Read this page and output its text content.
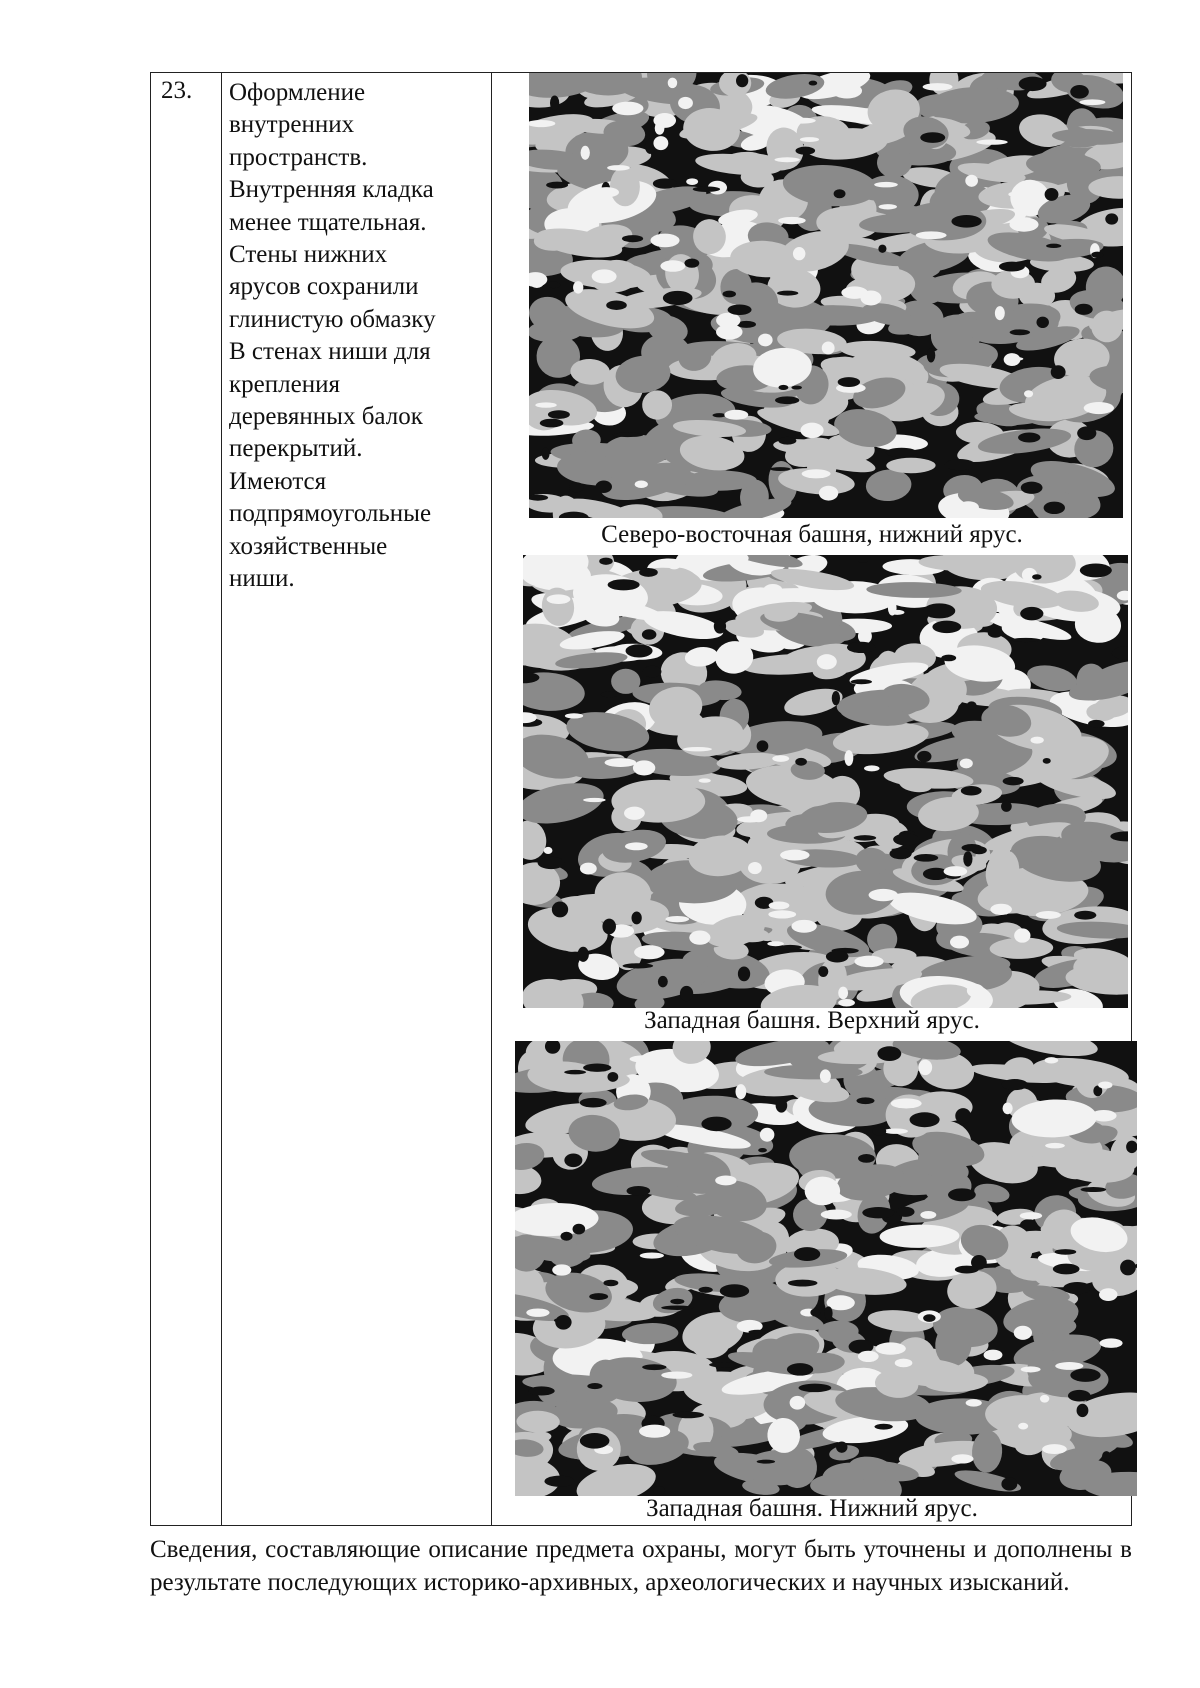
23. Оформление
внутренних
пространств.
Внутренняя кладка
менее тщательная.
Стены нижних
ярусов сохранили
глинистую обмазку
В стенах ниши для
крепления
деревянных балок
перекрытий.
Имеются
подпрямоугольные
хозяйственные
ниши.
Северо-восточная башня, нижний ярус.
Западная башня. Верхний ярус.
Западная башня. Нижний ярус.
Сведения, составляющие описание предмета охраны, могут быть уточнены и дополнены в результате последующих историко-архивных, археологических и научных изысканий.
